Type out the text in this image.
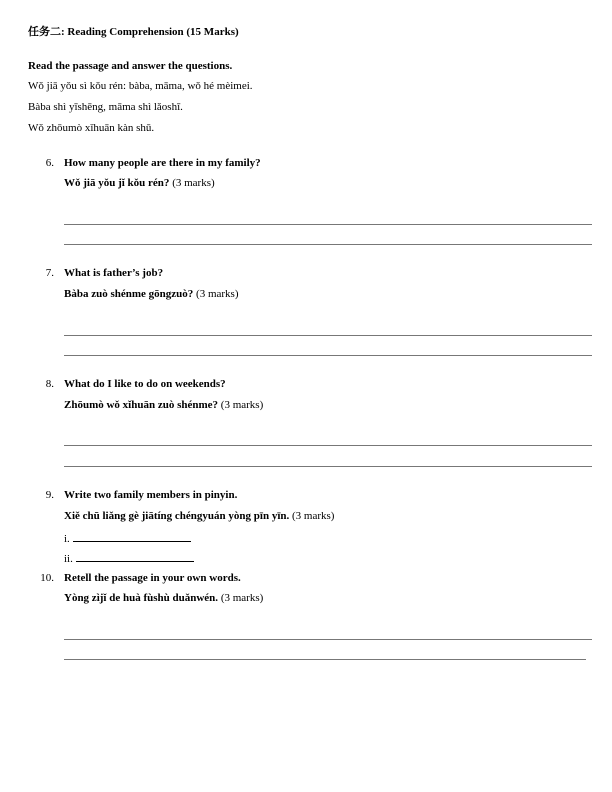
任务二: Reading Comprehension (15 Marks)
Read the passage and answer the questions.
Wǒ jiā yǒu sì kǒu rén: bàba, māma, wǒ hé mèimei.
Bàba shì yīshēng, māma shì lǎoshī.
Wǒ zhōumò xǐhuān kàn shū.
6. How many people are there in my family?
Wǒ jiā yǒu jǐ kǒu rén? (3 marks)
7. What is father’s job?
Bàba zuò shénme gōngzuò? (3 marks)
8. What do I like to do on weekends?
Zhōumò wǒ xǐhuān zuò shénme? (3 marks)
9. Write two family members in pinyin.
Xiě chū liǎng gè jiātíng chéngyuán yòng pīn yīn. (3 marks)
i.
ii.
10. Retell the passage in your own words.
Yòng zìjǐ de huà fùshù duǎnwén. (3 marks)
